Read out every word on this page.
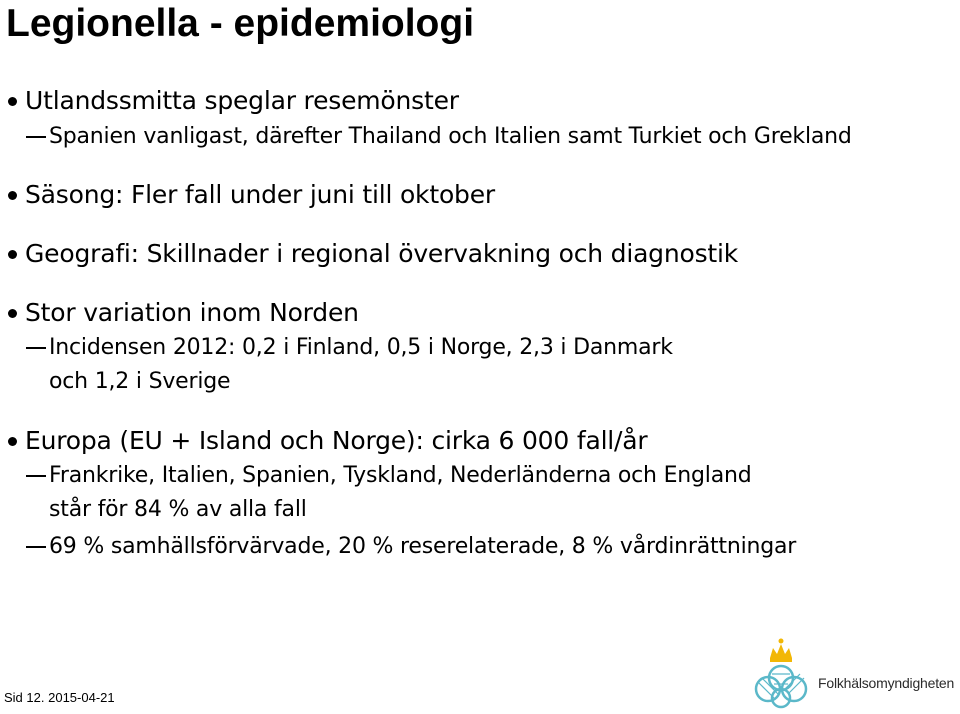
Legionella - epidemiologi
Utlandssmitta speglar resemönster
Spanien vanligast, därefter Thailand och Italien samt Turkiet och Grekland
Säsong: Fler fall under juni till oktober
Geografi: Skillnader i regional övervakning och diagnostik
Stor variation inom Norden
Incidensen 2012: 0,2 i Finland, 0,5 i Norge, 2,3 i Danmark
och 1,2 i Sverige
Europa (EU + Island och Norge): cirka 6 000 fall/år
Frankrike, Italien, Spanien, Tyskland, Nederländerna och England
står för 84 % av alla fall
69 % samhällsförvärvade, 20 % reserelaterade, 8 % vårdinrättningar
Sid 12. 2015-04-21
Folkhälsomyndigheten
